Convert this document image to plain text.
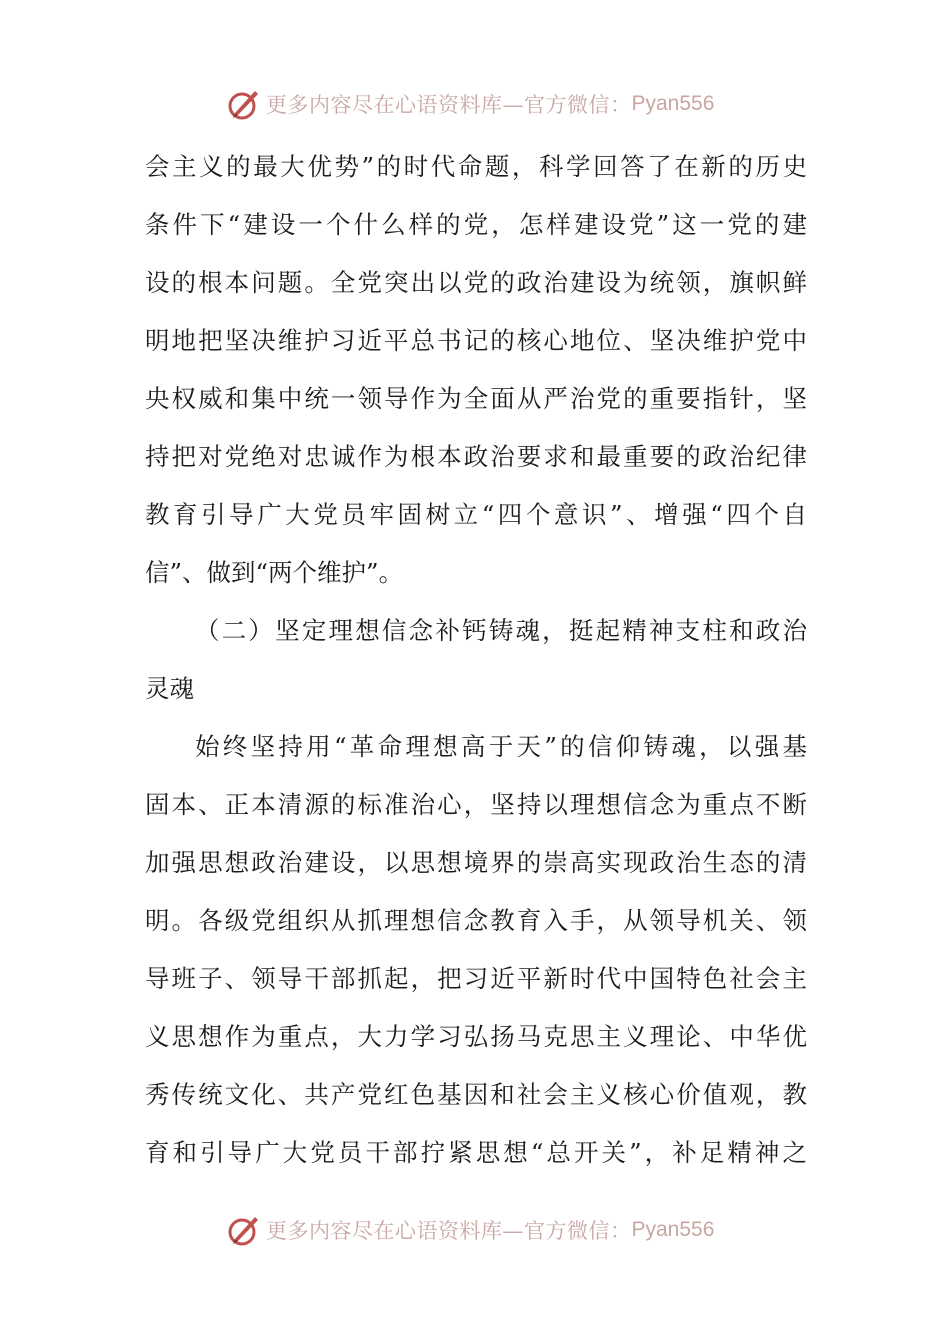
更多内容尽在心语资料库—官方微信： Pyan556
会主义的最大优势”的时代命题，科学回答了在新的历史
条件下“建设一个什么样的党，怎样建设党”这一党的建
设的根本问题。全党突出以党的政治建设为统领，旗帜鲜
明地把坚决维护习近平总书记的核心地位、坚决维护党中
央权威和集中统一领导作为全面从严治党的重要指针，坚
持把对党绝对忠诚作为根本政治要求和最重要的政治纪律
教育引导广大党员牢固树立“四个意识”、增强“四个自
信”、做到“两个维护”。
（二）坚定理想信念补钙铸魂，挺起精神支柱和政治
灵魂
始终坚持用“革命理想高于天”的信仰铸魂，以强基
固本、正本清源的标准治心，坚持以理想信念为重点不断
加强思想政治建设，以思想境界的崇高实现政治生态的清
明。各级党组织从抓理想信念教育入手，从领导机关、领
导班子、领导干部抓起，把习近平新时代中国特色社会主
义思想作为重点，大力学习弘扬马克思主义理论、中华优
秀传统文化、共产党红色基因和社会主义核心价值观，教
育和引导广大党员干部拧紧思想“总开关”，补足精神之
更多内容尽在心语资料库—官方微信： Pyan556
